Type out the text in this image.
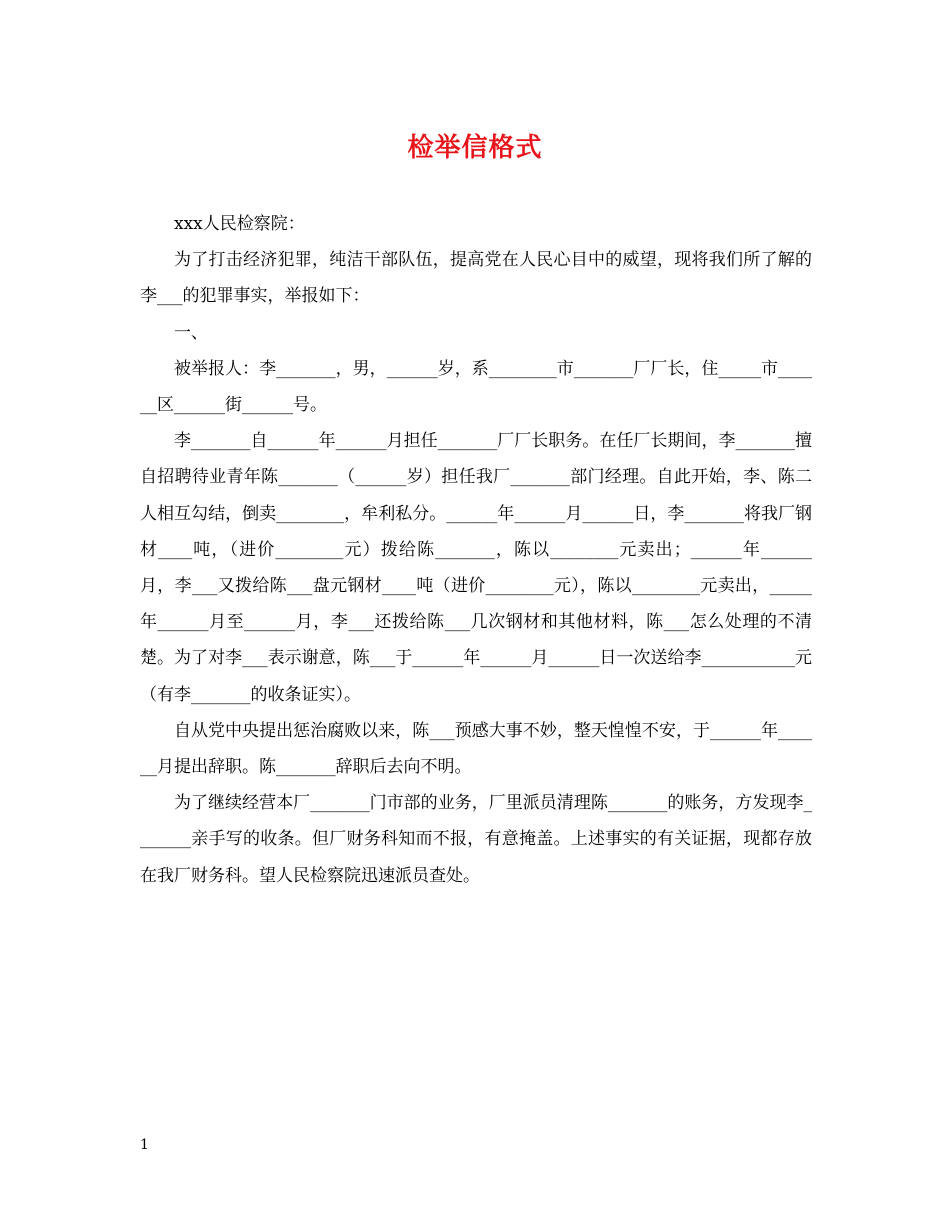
检举信格式

xxx人民检察院：

为了打击经济犯罪，纯洁干部队伍，提高党在人民心目中的威望，现将我们所了解的李___的犯罪事实，举报如下：

一、

被举报人：李_______，男，______岁，系________市_______厂厂长，住_____市______区______街______号。

李_______自______年______月担任_______厂厂长职务。在任厂长期间，李_______擅自招聘待业青年陈_______（______岁）担任我厂_______部门经理。自此开始，李、陈二人相互勾结，倒卖________，牟利私分。______年______月______日，李_______将我厂钢材____吨，（进价________元）拨给陈_______，陈以________元卖出；______年______月，李___又拨给陈___盘元钢材____吨（进价________元），陈以________元卖出，_____年______月至______月，李___还拨给陈___几次钢材和其他材料，陈___怎么处理的不清楚。为了对李___表示谢意，陈___于______年______月______日一次送给李___________元（有李_______的收条证实）。

自从党中央提出惩治腐败以来，陈___预感大事不妙，整天惶惶不安，于______年______月提出辞职。陈_______辞职后去向不明。

为了继续经营本厂_______门市部的业务，厂里派员清理陈_______的账务，方发现李_______亲手写的收条。但厂财务科知而不报，有意掩盖。上述事实的有关证据，现都存放在我厂财务科。望人民检察院迅速派员查处。

1
